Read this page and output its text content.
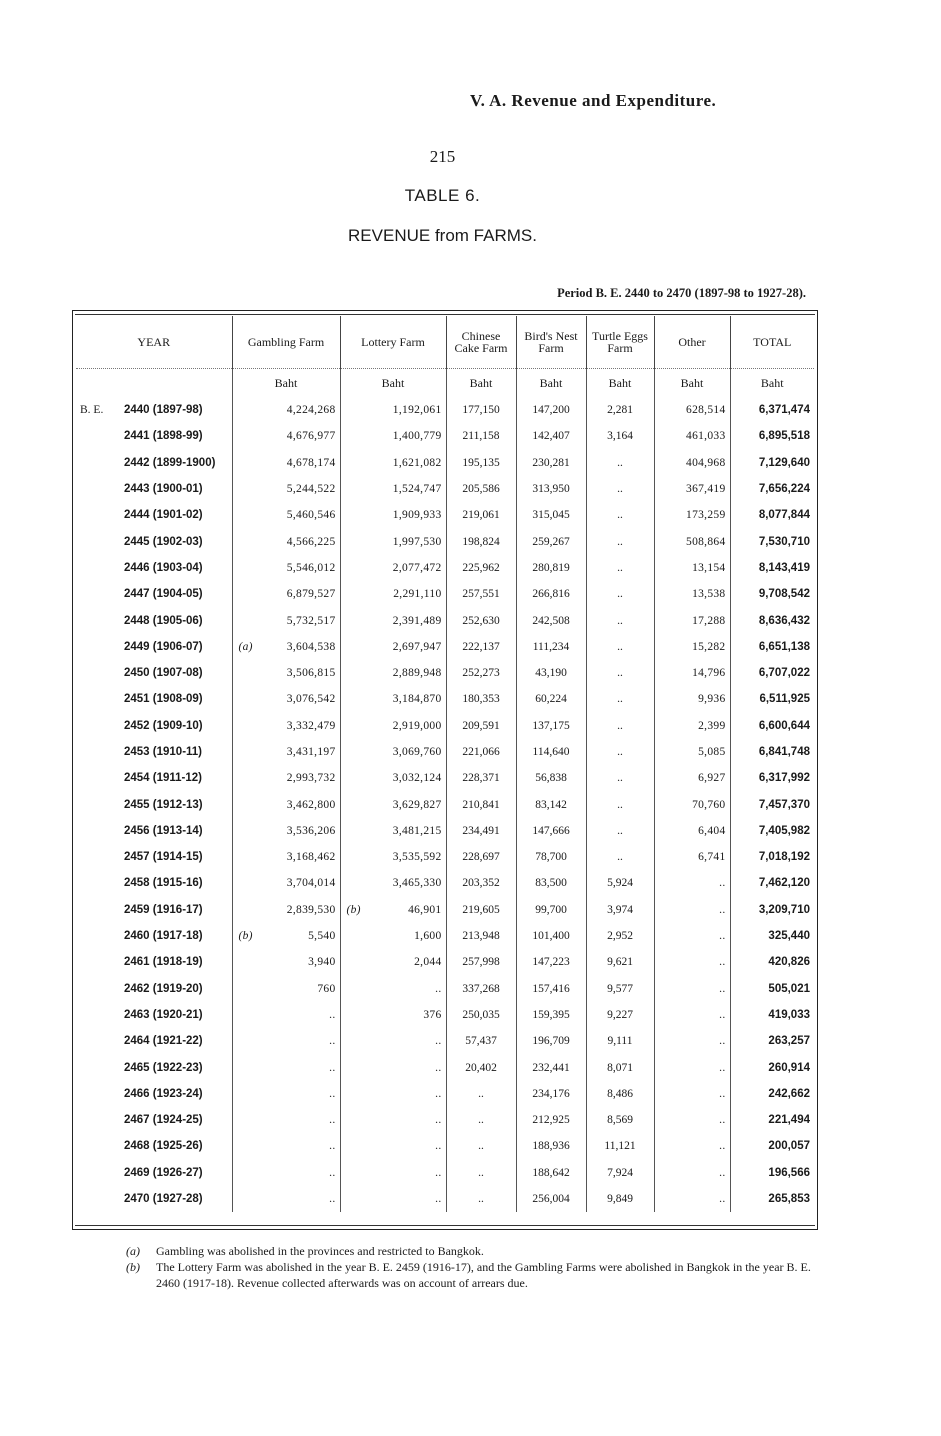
V. A. Revenue and Expenditure.
215
TABLE 6.
REVENUE from FARMS.
Period B. E. 2440 to 2470 (1897-98 to 1927-28).
YEAR	Gambling Farm	Lottery Farm	Chinese Cake Farm	Bird's Nest Farm	Turtle Eggs Farm	Other	TOTAL
	Baht	Baht	Baht	Baht	Baht	Baht	Baht
B. E. 2440 (1897-98)	4,224,268	1,192,061	177,150	147,200	2,281	628,514	6,371,474
2441 (1898-99)	4,676,977	1,400,779	211,158	142,407	3,164	461,033	6,895,518
2442 (1899-1900)	4,678,174	1,621,082	195,135	230,281	..	404,968	7,129,640
2443 (1900-01)	5,244,522	1,524,747	205,586	313,950	..	367,419	7,656,224
2444 (1901-02)	5,460,546	1,909,933	219,061	315,045	..	173,259	8,077,844
2445 (1902-03)	4,566,225	1,997,530	198,824	259,267	..	508,864	7,530,710
2446 (1903-04)	5,546,012	2,077,472	225,962	280,819	..	13,154	8,143,419
2447 (1904-05)	6,879,527	2,291,110	257,551	266,816	..	13,538	9,708,542
2448 (1905-06)	5,732,517	2,391,489	252,630	242,508	..	17,288	8,636,432
2449 (1906-07)	(a) 3,604,538	2,697,947	222,137	111,234	..	15,282	6,651,138
2450 (1907-08)	3,506,815	2,889,948	252,273	43,190	..	14,796	6,707,022
2451 (1908-09)	3,076,542	3,184,870	180,353	60,224	..	9,936	6,511,925
2452 (1909-10)	3,332,479	2,919,000	209,591	137,175	..	2,399	6,600,644
2453 (1910-11)	3,431,197	3,069,760	221,066	114,640	..	5,085	6,841,748
2454 (1911-12)	2,993,732	3,032,124	228,371	56,838	..	6,927	6,317,992
2455 (1912-13)	3,462,800	3,629,827	210,841	83,142	..	70,760	7,457,370
2456 (1913-14)	3,536,206	3,481,215	234,491	147,666	..	6,404	7,405,982
2457 (1914-15)	3,168,462	3,535,592	228,697	78,700	..	6,741	7,018,192
2458 (1915-16)	3,704,014	3,465,330	203,352	83,500	5,924	..	7,462,120
2459 (1916-17)	2,839,530	(b) 46,901	219,605	99,700	3,974	..	3,209,710
2460 (1917-18)	(b) 5,540	1,600	213,948	101,400	2,952	..	325,440
2461 (1918-19)	3,940	2,044	257,998	147,223	9,621	..	420,826
2462 (1919-20)	760	..	337,268	157,416	9,577	..	505,021
2463 (1920-21)	..	376	250,035	159,395	9,227	..	419,033
2464 (1921-22)	..	..	57,437	196,709	9,111	..	263,257
2465 (1922-23)	..	..	20,402	232,441	8,071	..	260,914
2466 (1923-24)	..	..	..	234,176	8,486	..	242,662
2467 (1924-25)	..	..	..	212,925	8,569	..	221,494
2468 (1925-26)	..	..	..	188,936	11,121	..	200,057
2469 (1926-27)	..	..	..	188,642	7,924	..	196,566
2470 (1927-28)	..	..	..	256,004	9,849	..	265,853
(a)	Gambling was abolished in the provinces and restricted to Bangkok.
(b)	The Lottery Farm was abolished in the year B. E. 2459 (1916-17), and the Gambling Farms were abolished in Bangkok in the year B. E. 2460 (1917-18). Revenue collected afterwards was on account of arrears due.
